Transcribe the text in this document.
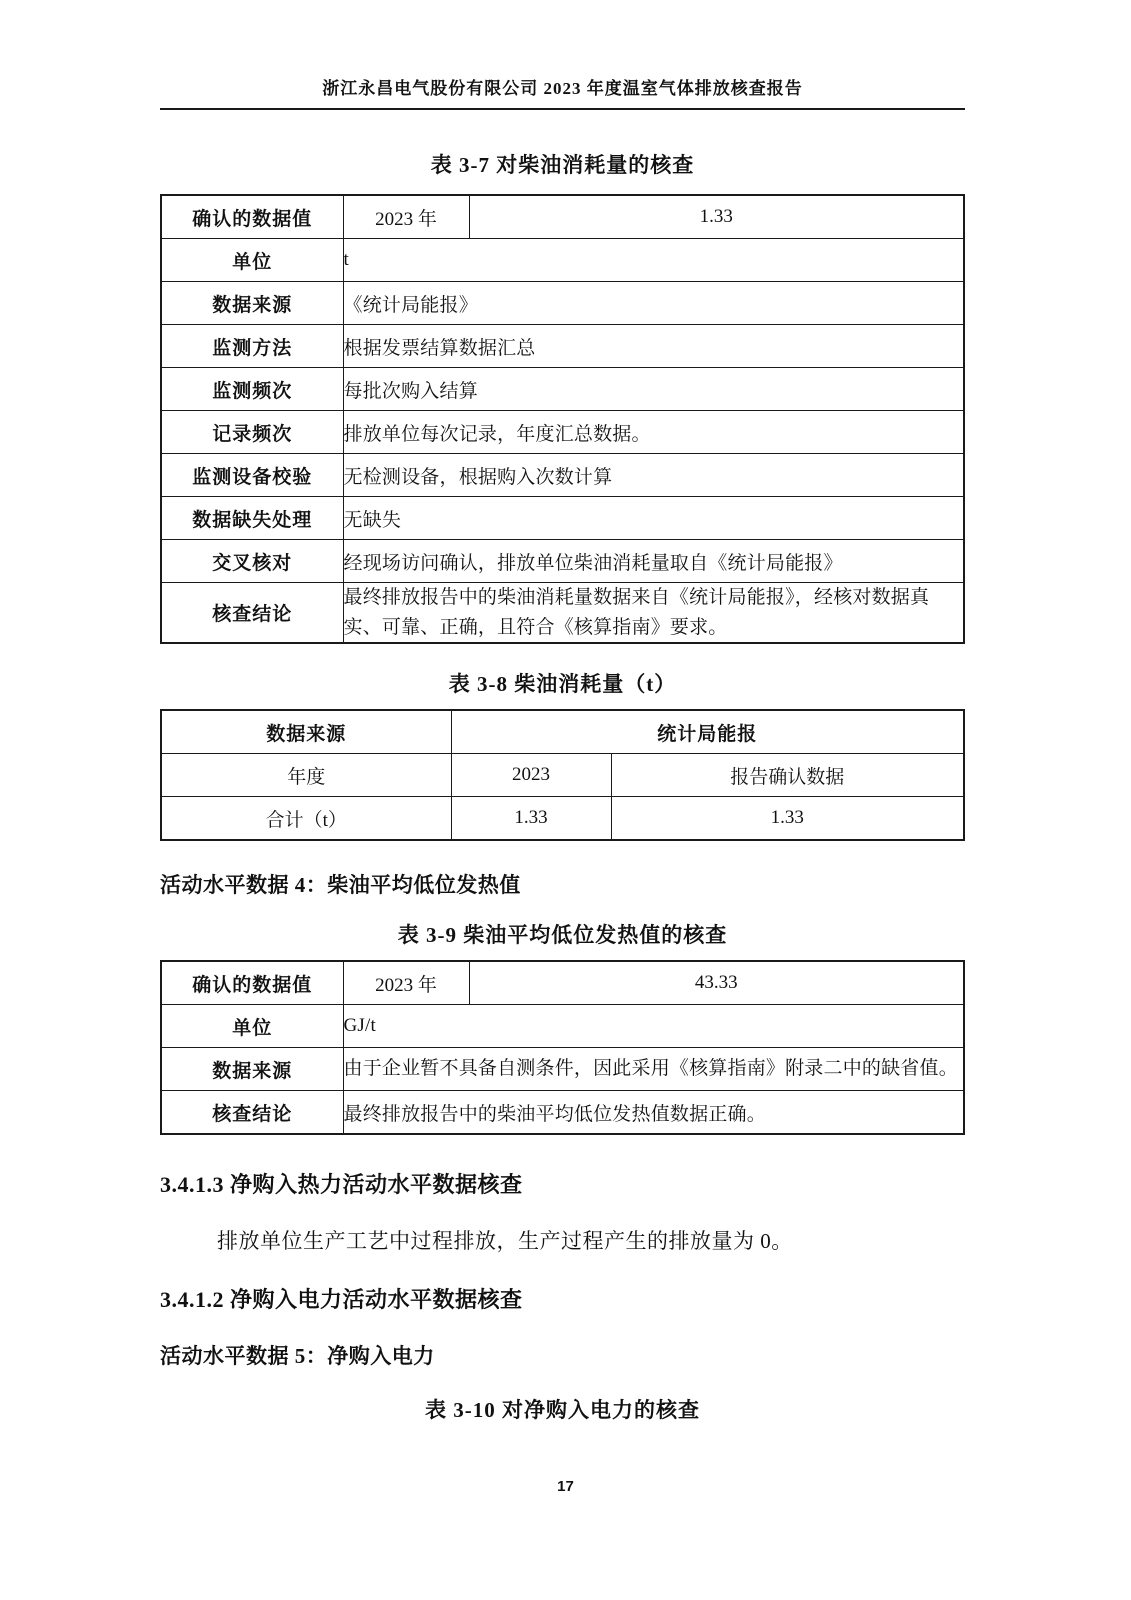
浙江永昌电气股份有限公司 2023 年度温室气体排放核查报告
表 3-7 对柴油消耗量的核查
确认的数据值	2023 年	1.33
单位	t	
数据来源	《统计局能报》	
监测方法	根据发票结算数据汇总	
监测频次	每批次购入结算	
记录频次	排放单位每次记录，年度汇总数据。	
监测设备校验	无检测设备，根据购入次数计算	
数据缺失处理	无缺失	
交叉核对	经现场访问确认，排放单位柴油消耗量取自《统计局能报》	
核查结论	最终排放报告中的柴油消耗量数据来自《统计局能报》，经核对数据真实、可靠、正确，且符合《核算指南》要求。	
表 3-8 柴油消耗量（t）
数据来源	统计局能报	
年度	2023	报告确认数据
合计（t）	1.33	1.33
活动水平数据 4：柴油平均低位发热值
表 3-9 柴油平均低位发热值的核查
确认的数据值	2023 年	43.33
单位	GJ/t	
数据来源	由于企业暂不具备自测条件，因此采用《核算指南》附录二中的缺省值。	
核查结论	最终排放报告中的柴油平均低位发热值数据正确。	
3.4.1.3 净购入热力活动水平数据核查

排放单位生产工艺中过程排放，生产过程产生的排放量为 0。

3.4.1.2 净购入电力活动水平数据核查
活动水平数据 5：净购入电力
表 3-10 对净购入电力的核查
17
